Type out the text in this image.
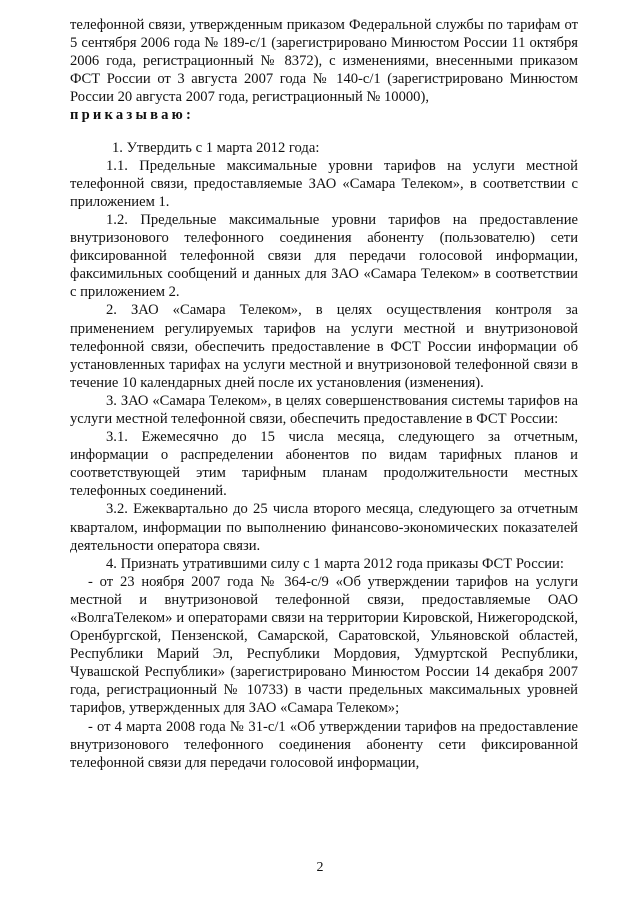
телефонной связи, утвержденным приказом Федеральной службы по тарифам от 5 сентября 2006 года № 189-с/1 (зарегистрировано Минюстом России 11 октября 2006 года, регистрационный № 8372), с изменениями, внесенными приказом ФСТ России от 3 августа 2007 года № 140-с/1 (зарегистрировано Минюстом России 20 августа 2007 года, регистрационный № 10000),

приказываю:

1. Утвердить с 1 марта 2012 года:

1.1. Предельные максимальные уровни тарифов на услуги местной телефонной связи, предоставляемые ЗАО «Самара Телеком», в соответствии с приложением 1.

1.2. Предельные максимальные уровни тарифов на предоставление внутризонового телефонного соединения абоненту (пользователю) сети фиксированной телефонной связи для передачи голосовой информации, факсимильных сообщений и данных для ЗАО «Самара Телеком» в соответствии с приложением 2.

2. ЗАО «Самара Телеком», в целях осуществления контроля за применением регулируемых тарифов на услуги местной и внутризоновой телефонной связи, обеспечить предоставление в ФСТ России информации об установленных тарифах на услуги местной и внутризоновой телефонной связи в течение 10 календарных дней после их установления (изменения).

3. ЗАО «Самара Телеком», в целях совершенствования системы тарифов на услуги местной телефонной связи, обеспечить предоставление в ФСТ России:

3.1. Ежемесячно до 15 числа месяца, следующего за отчетным, информации о распределении абонентов по видам тарифных планов и соответствующей этим тарифным планам продолжительности местных телефонных соединений.

3.2. Ежеквартально до 25 числа второго месяца, следующего за отчетным кварталом, информации по выполнению финансово-экономических показателей деятельности оператора связи.

4. Признать утратившими силу с 1 марта 2012 года приказы ФСТ России:

- от 23 ноября 2007 года № 364-с/9 «Об утверждении тарифов на услуги местной и внутризоновой телефонной связи, предоставляемые ОАО «ВолгаТелеком» и операторами связи на территории Кировской, Нижегородской, Оренбургской, Пензенской, Самарской, Саратовской, Ульяновской областей, Республики Марий Эл, Республики Мордовия, Удмуртской Республики, Чувашской Республики» (зарегистрировано Минюстом России 14 декабря 2007 года, регистрационный № 10733) в части предельных максимальных уровней тарифов, утвержденных для ЗАО «Самара Телеком»;

- от 4 марта 2008 года № 31-с/1 «Об утверждении тарифов на предоставление внутризонового телефонного соединения абоненту сети фиксированной телефонной связи для передачи голосовой информации,

2
